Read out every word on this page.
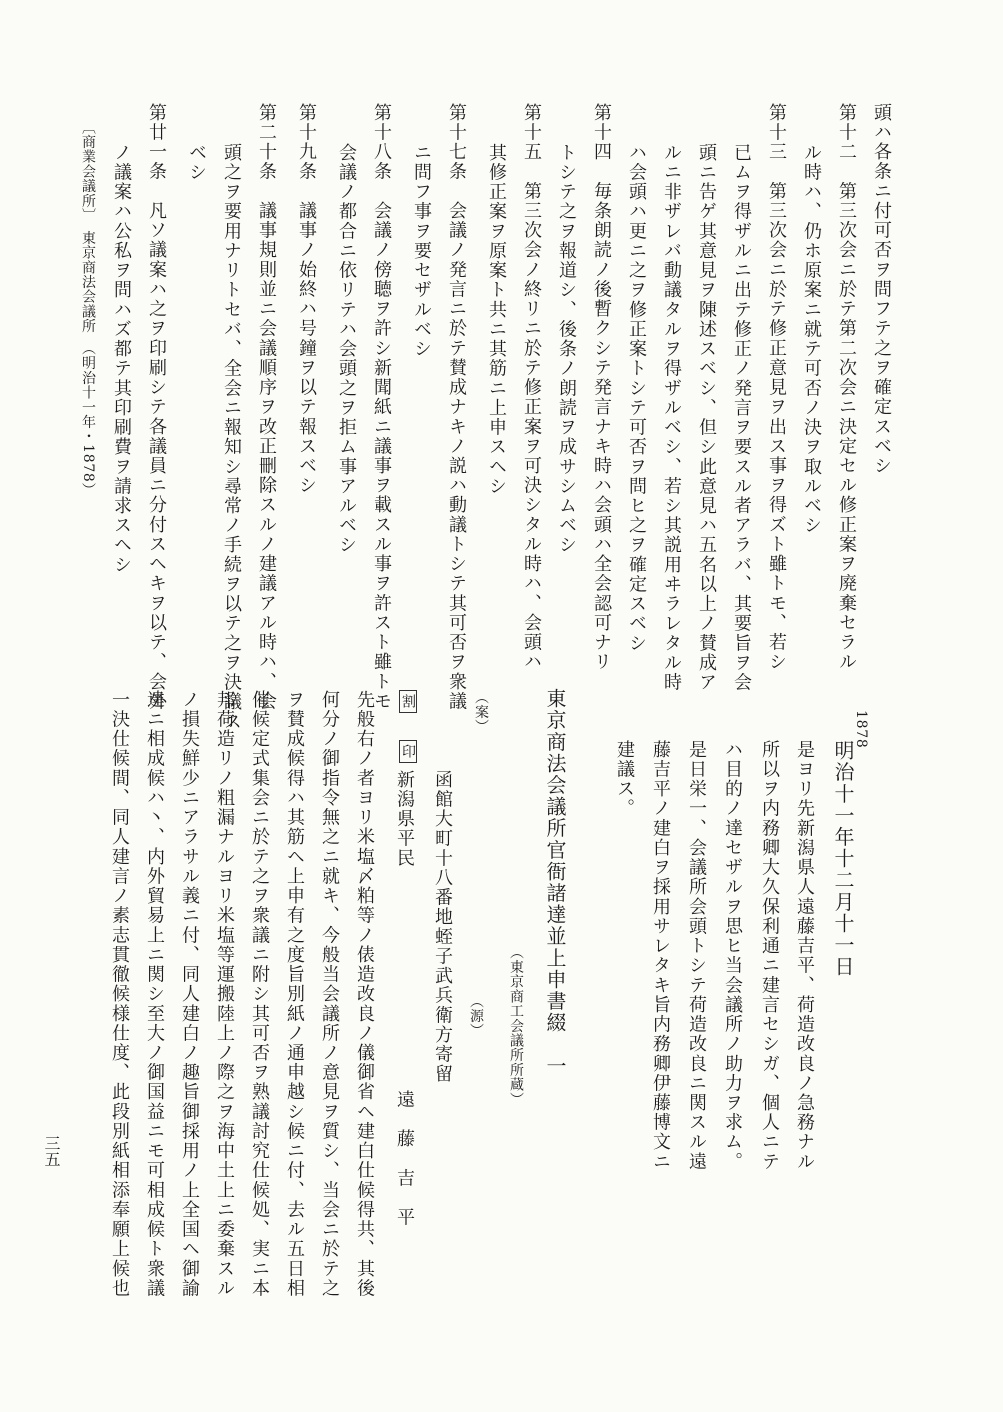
三五
頭ハ各条ニ付可否ヲ問フテ之ヲ確定スベシ
第十二　第三次会ニ於テ第二次会ニ決定セル修正案ヲ廃棄セラル
ル時ハ、仍ホ原案ニ就テ可否ノ決ヲ取ルベシ
第十三　第三次会ニ於テ修正意見ヲ出ス事ヲ得ズト雖トモ、若シ
已ムヲ得ザルニ出テ修正ノ発言ヲ要スル者アラバ、其要旨ヲ会
頭ニ告ゲ其意見ヲ陳述スベシ、但シ此意見ハ五名以上ノ賛成ア
ルニ非ザレバ動議タルヲ得ザルベシ、若シ其説用ヰラレタル時
ハ会頭ハ更ニ之ヲ修正案トシテ可否ヲ問ヒ之ヲ確定スベシ
第十四　毎条朗読ノ後暫クシテ発言ナキ時ハ会頭ハ全会認可ナリ
トシテ之ヲ報道シ、後条ノ朗読ヲ成サシムベシ
第十五　第三次会ノ終リニ於テ修正案ヲ可決シタル時ハ、会頭ハ
其修正案ヲ原案ト共ニ其筋ニ上申スヘシ
第十七条　会議ノ発言ニ於テ賛成ナキノ説ハ動議トシテ其可否ヲ衆議
ニ問フ事ヲ要セザルベシ
第十八条　会議ノ傍聴ヲ許シ新聞紙ニ議事ヲ載スル事ヲ許スト雖トモ
会議ノ都合ニ依リテハ会頭之ヲ拒ム事アルベシ
第十九条　議事ノ始終ハ号鐘ヲ以テ報スベシ
第二十条　議事規則並ニ会議順序ヲ改正刪除スルノ建議アル時ハ、会
頭之ヲ要用ナリトセバ、全会ニ報知シ尋常ノ手続ヲ以テ之ヲ決議ス
ベシ
第廿一条　凡ソ議案ハ之ヲ印刷シテ各議員ニ分付スヘキヲ以テ、会外
ノ議案ハ公私ヲ問ハズ都テ其印刷費ヲ請求スヘシ
〔商業会議所〕　東京商法会議所　（明治十一年・1878）
1878
明治十一年十二月十一日
是ヨリ先新潟県人遠藤吉平、荷造改良ノ急務ナル
所以ヲ内務卿大久保利通ニ建言セシガ、個人ニテ
ハ目的ノ達セザルヲ思ヒ当会議所ノ助力ヲ求ム。
是日栄一、会議所会頭トシテ荷造改良ニ関スル遠
藤吉平ノ建白ヲ採用サレタキ旨内務卿伊藤博文ニ
建議ス。
東京商法会議所官衙諸達並上申書綴　一
（東京商工会議所所蔵）
（案）
（源）
函館大町十八番地蛭子武兵衛方寄留
割
印
新潟県平民
遠　藤　吉　平
先般右ノ者ヨリ米塩〆粕等ノ俵造改良ノ儀御省ヘ建白仕候得共、其後
何分ノ御指令無之ニ就キ、今般当会議所ノ意見ヲ質シ、当会ニ於テ之
ヲ賛成候得ハ其筋ヘ上申有之度旨別紙ノ通申越シ候ニ付、去ル五日相
催候定式集会ニ於テ之ヲ衆議ニ附シ其可否ヲ熟議討究仕候処、実ニ本
邦荷造リノ粗漏ナルヨリ米塩等運搬陸上ノ際之ヲ海中土上ニ委棄スル
ノ損失鮮少ニアラサル義ニ付、同人建白ノ趣旨御採用ノ上全国ヘ御諭
達ニ相成候ハ丶、内外貿易上ニ関シ至大ノ御国益ニモ可相成候ト衆議
一決仕候間、同人建言ノ素志貫徹候様仕度、此段別紙相添奉願上候也
